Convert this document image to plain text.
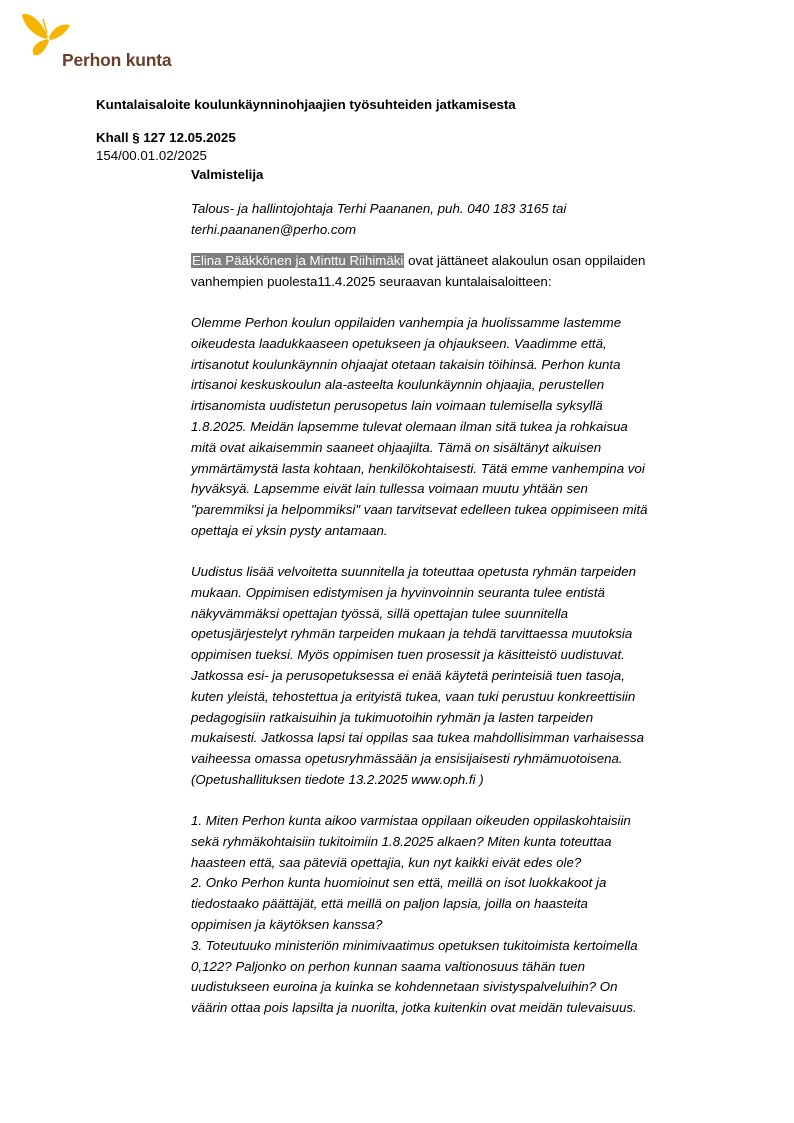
Perhon kunta
Kuntalaisaloite koulunkäynninohjaajien työsuhteiden jatkamisesta
Khall § 127 12.05.2025
154/00.01.02/2025
Valmistelija
Talous- ja hallintojohtaja Terhi Paananen, puh. 040 183 3165 tai
terhi.paananen@perho.com
Elina Pääkkönen ja Minttu Riihimäki ovat jättäneet alakoulun osan oppilaiden
vanhempien puolesta11.4.2025 seuraavan kuntalaisaloitteen:
Olemme Perhon koulun oppilaiden vanhempia ja huolissamme lastemme
oikeudesta laadukkaaseen opetukseen ja ohjaukseen. Vaadimme että,
irtisanotut koulunkäynnin ohjaajat otetaan takaisin töihinsä. Perhon kunta
irtisanoi keskuskoulun ala-asteelta koulunkäynnin ohjaajia, perustellen
irtisanomista uudistetun perusopetus lain voimaan tulemisella syksyllä
1.8.2025. Meidän lapsemme tulevat olemaan ilman sitä tukea ja rohkaisua
mitä ovat aikaisemmin saaneet ohjaajilta. Tämä on sisältänyt aikuisen
ymmärtämystä lasta kohtaan, henkilökohtaisesti. Tätä emme vanhempina voi
hyväksyä. Lapsemme eivät lain tullessa voimaan muutu yhtään sen
"paremmiksi ja helpommiksi" vaan tarvitsevat edelleen tukea oppimiseen mitä
opettaja ei yksin pysty antamaan.
Uudistus lisää velvoitetta suunnitella ja toteuttaa opetusta ryhmän tarpeiden
mukaan. Oppimisen edistymisen ja hyvinvoinnin seuranta tulee entistä
näkyvämmäksi opettajan työssä, sillä opettajan tulee suunnitella
opetusjärjestelyt ryhmän tarpeiden mukaan ja tehdä tarvittaessa muutoksia
oppimisen tueksi. Myös oppimisen tuen prosessit ja käsitteistö uudistuvat.
Jatkossa esi- ja perusopetuksessa ei enää käytetä perinteisiä tuen tasoja,
kuten yleistä, tehostettua ja erityistä tukea, vaan tuki perustuu konkreettisiin
pedagogisiin ratkaisuihin ja tukimuotoihin ryhmän ja lasten tarpeiden
mukaisesti. Jatkossa lapsi tai oppilas saa tukea mahdollisimman varhaisessa
vaiheessa omassa opetusryhmässään ja ensisijaisesti ryhmämuotoisena.
(Opetushallituksen tiedote 13.2.2025 www.oph.fi )
1. Miten Perhon kunta aikoo varmistaa oppilaan oikeuden oppilaskohtaisiin
sekä ryhmäkohtaisiin tukitoimiin 1.8.2025 alkaen? Miten kunta toteuttaa
haasteen että, saa päteviä opettajia, kun nyt kaikki eivät edes ole?
2. Onko Perhon kunta huomioinut sen että, meillä on isot luokkakoot ja
tiedostaako päättäjät, että meillä on paljon lapsia, joilla on haasteita
oppimisen ja käytöksen kanssa?
3. Toteutuuko ministeriön minimivaatimus opetuksen tukitoimista kertoimella
0,122? Paljonko on perhon kunnan saama valtionosuus tähän tuen
uudistukseen euroina ja kuinka se kohdennetaan sivistyspalveluihin? On
väärin ottaa pois lapsilta ja nuorilta, jotka kuitenkin ovat meidän tulevaisuus.
